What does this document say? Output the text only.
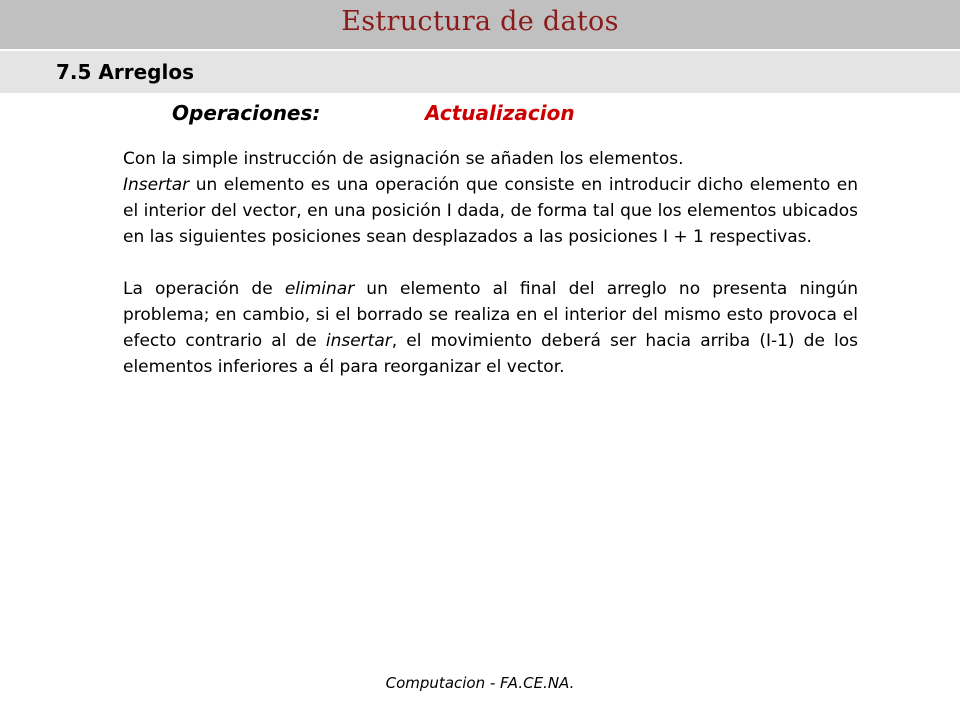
Estructura de datos
7.5 Arreglos
Operaciones:	Actualizacion

Con la simple instrucción de asignación se añaden los elementos.
Insertar un elemento es una operación que consiste en introducir dicho elemento en el interior del vector, en una posición I dada, de forma tal que los elementos ubicados en las siguientes posiciones sean desplazados a las posiciones I + 1 respectivas.

La operación de eliminar un elemento al final del arreglo no presenta ningún problema; en cambio, si el borrado se realiza en el interior del mismo esto provoca el efecto contrario al de insertar, el movimiento deberá ser hacia arriba (I-1) de los elementos inferiores a él para reorganizar el vector.

Computacion - FA.CE.NA.
